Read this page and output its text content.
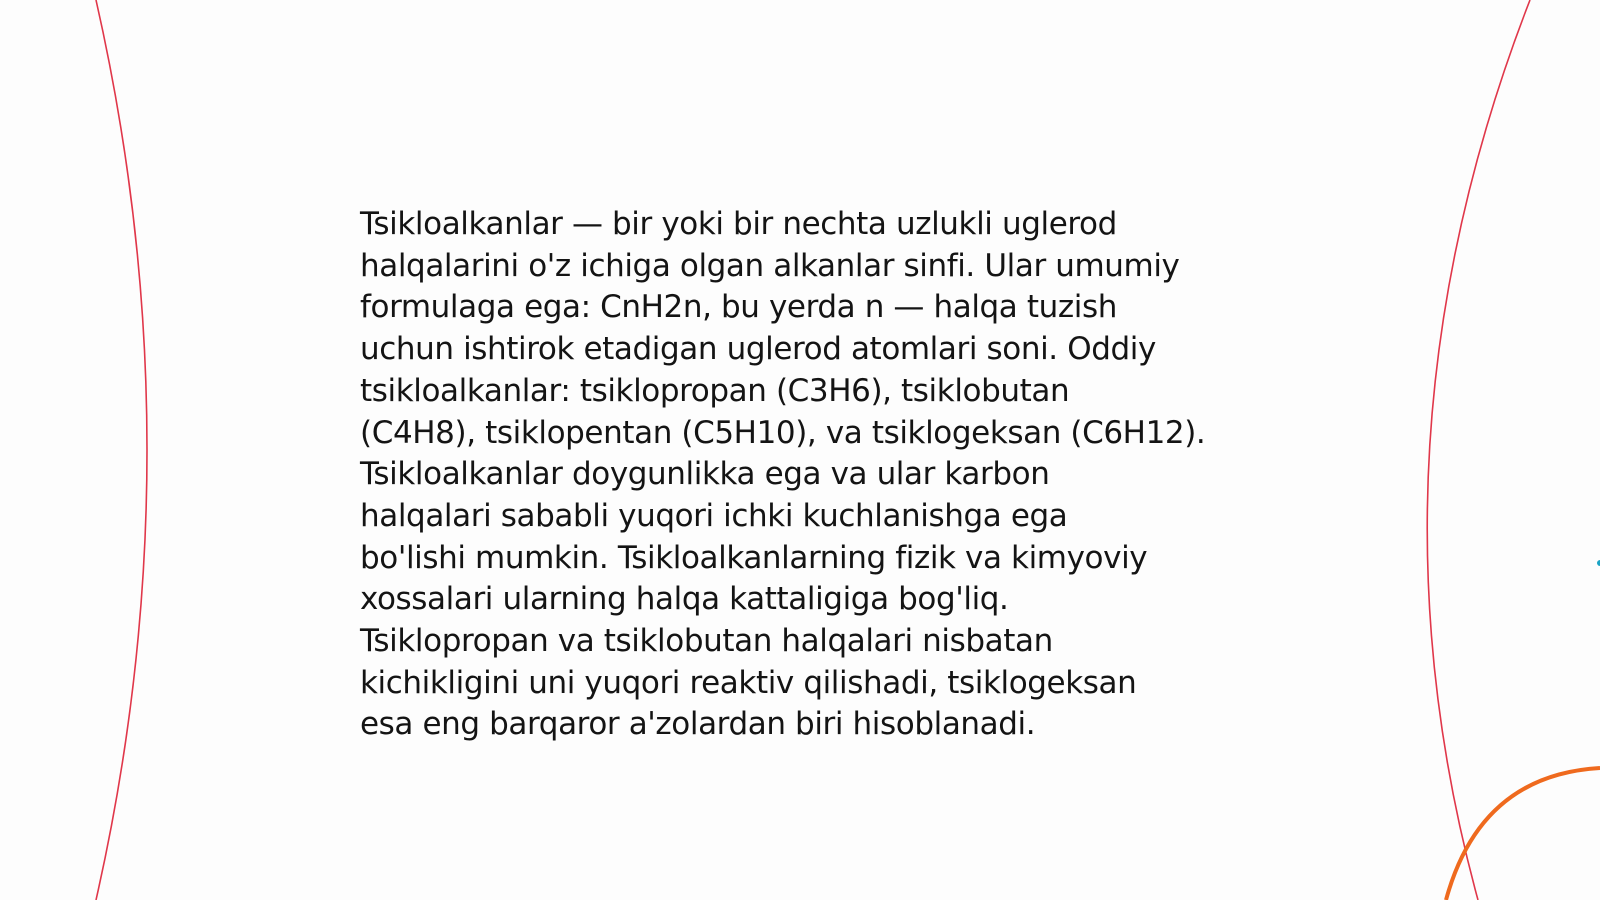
Tsikloalkanlar — bir yoki bir nechta uzlukli uglerod
halqalarini o'z ichiga olgan alkanlar sinfi. Ular umumiy
formulaga ega: CnH2n, bu yerda n — halqa tuzish
uchun ishtirok etadigan uglerod atomlari soni. Oddiy
tsikloalkanlar: tsiklopropan (C3H6), tsiklobutan
(C4H8), tsiklopentan (C5H10), va tsiklogeksan (C6H12).
Tsikloalkanlar doygunlikka ega va ular karbon
halqalari sababli yuqori ichki kuchlanishga ega
bo'lishi mumkin. Tsikloalkanlarning fizik va kimyoviy
xossalari ularning halqa kattaligiga bog'liq.
Tsiklopropan va tsiklobutan halqalari nisbatan
kichikligini uni yuqori reaktiv qilishadi, tsiklogeksan
esa eng barqaror a'zolardan biri hisoblanadi.
